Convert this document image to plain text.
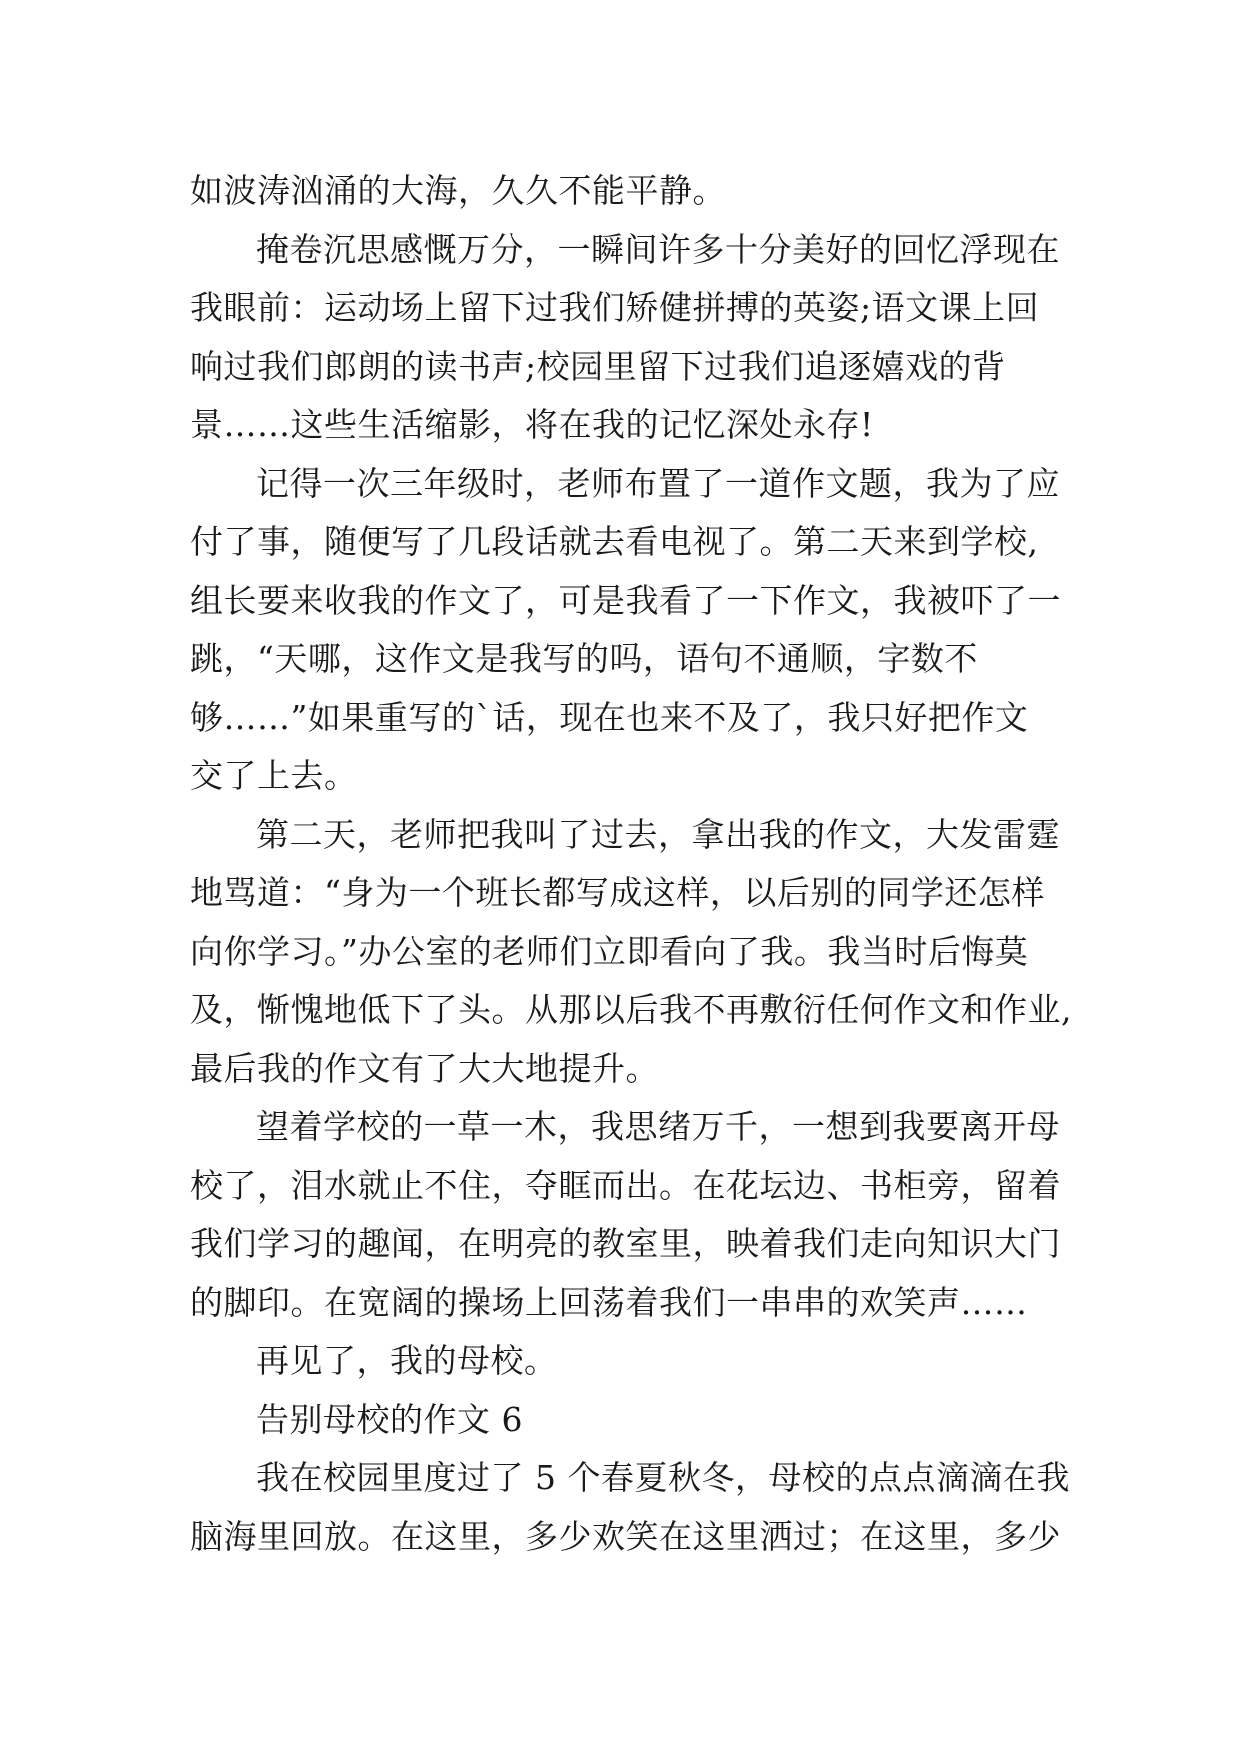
如波涛汹涌的大海，久久不能平静。
掩卷沉思感慨万分，一瞬间许多十分美好的回忆浮现在
我眼前：运动场上留下过我们矫健拼搏的英姿;语文课上回
响过我们郎朗的读书声;校园里留下过我们追逐嬉戏的背
景……这些生活缩影，将在我的记忆深处永存!
记得一次三年级时，老师布置了一道作文题，我为了应
付了事，随便写了几段话就去看电视了。第二天来到学校,
组长要来收我的作文了，可是我看了一下作文，我被吓了一
跳，“天哪，这作文是我写的吗，语句不通顺，字数不
够……”如果重写的`话，现在也来不及了，我只好把作文
交了上去。
第二天，老师把我叫了过去，拿出我的作文，大发雷霆
地骂道：“身为一个班长都写成这样，以后别的同学还怎样
向你学习。”办公室的老师们立即看向了我。我当时后悔莫
及，惭愧地低下了头。从那以后我不再敷衍任何作文和作业,
最后我的作文有了大大地提升。
望着学校的一草一木，我思绪万千，一想到我要离开母
校了，泪水就止不住，夺眶而出。在花坛边、书柜旁，留着
我们学习的趣闻，在明亮的教室里，映着我们走向知识大门
的脚印。在宽阔的操场上回荡着我们一串串的欢笑声……
再见了，我的母校。
告别母校的作文 6
我在校园里度过了 5 个春夏秋冬，母校的点点滴滴在我
脑海里回放。在这里，多少欢笑在这里洒过；在这里，多少
